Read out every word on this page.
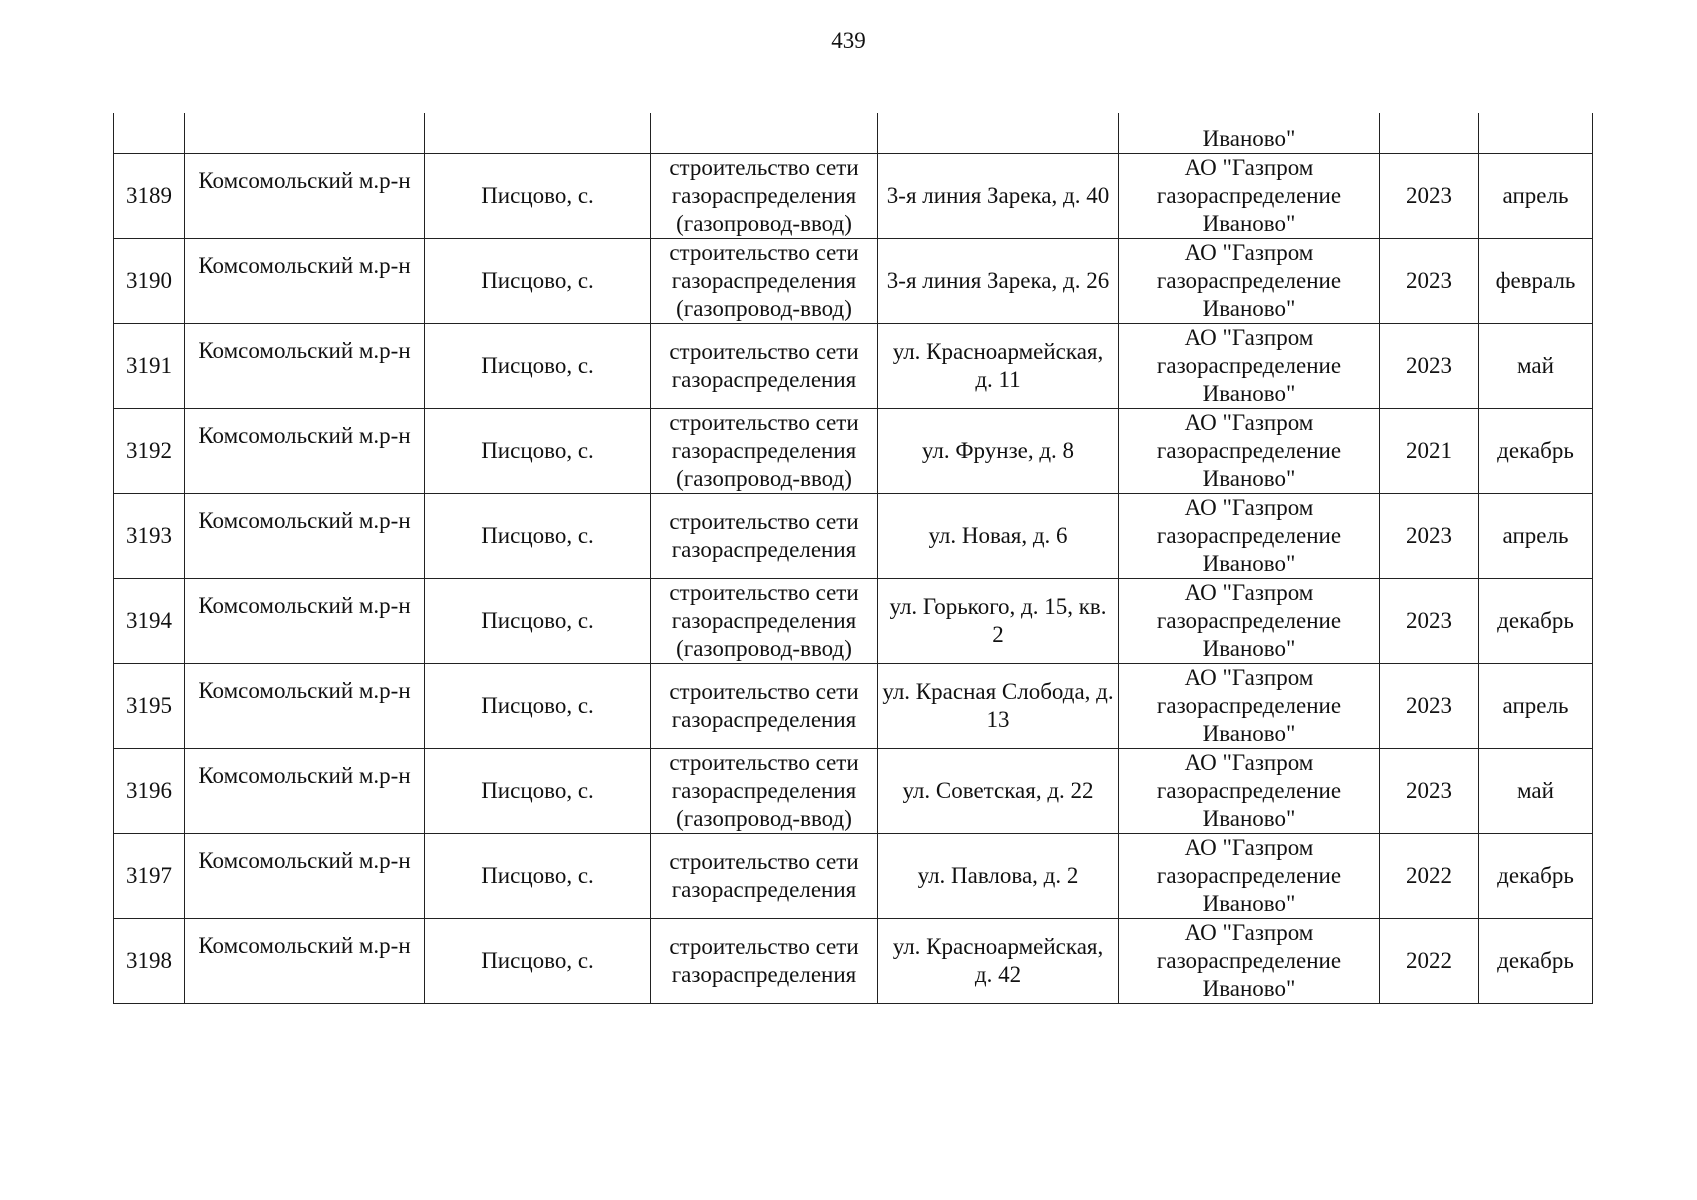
439
					Иваново"		
3189	Комсомольский м.р-н	Писцово, с.	строительство сети газораспределения (газопровод-ввод)	3-я линия Зарека, д. 40	АО "Газпром газораспределение Иваново"	2023	апрель
3190	Комсомольский м.р-н	Писцово, с.	строительство сети газораспределения (газопровод-ввод)	3-я линия Зарека, д. 26	АО "Газпром газораспределение Иваново"	2023	февраль
3191	Комсомольский м.р-н	Писцово, с.	строительство сети газораспределения	ул. Красноармейская, д. 11	АО "Газпром газораспределение Иваново"	2023	май
3192	Комсомольский м.р-н	Писцово, с.	строительство сети газораспределения (газопровод-ввод)	ул. Фрунзе, д. 8	АО "Газпром газораспределение Иваново"	2021	декабрь
3193	Комсомольский м.р-н	Писцово, с.	строительство сети газораспределения	ул. Новая, д. 6	АО "Газпром газораспределение Иваново"	2023	апрель
3194	Комсомольский м.р-н	Писцово, с.	строительство сети газораспределения (газопровод-ввод)	ул. Горького, д. 15, кв. 2	АО "Газпром газораспределение Иваново"	2023	декабрь
3195	Комсомольский м.р-н	Писцово, с.	строительство сети газораспределения	ул. Красная Слобода, д. 13	АО "Газпром газораспределение Иваново"	2023	апрель
3196	Комсомольский м.р-н	Писцово, с.	строительство сети газораспределения (газопровод-ввод)	ул. Советская, д. 22	АО "Газпром газораспределение Иваново"	2023	май
3197	Комсомольский м.р-н	Писцово, с.	строительство сети газораспределения	ул. Павлова, д. 2	АО "Газпром газораспределение Иваново"	2022	декабрь
3198	Комсомольский м.р-н	Писцово, с.	строительство сети газораспределения	ул. Красноармейская, д. 42	АО "Газпром газораспределение Иваново"	2022	декабрь
